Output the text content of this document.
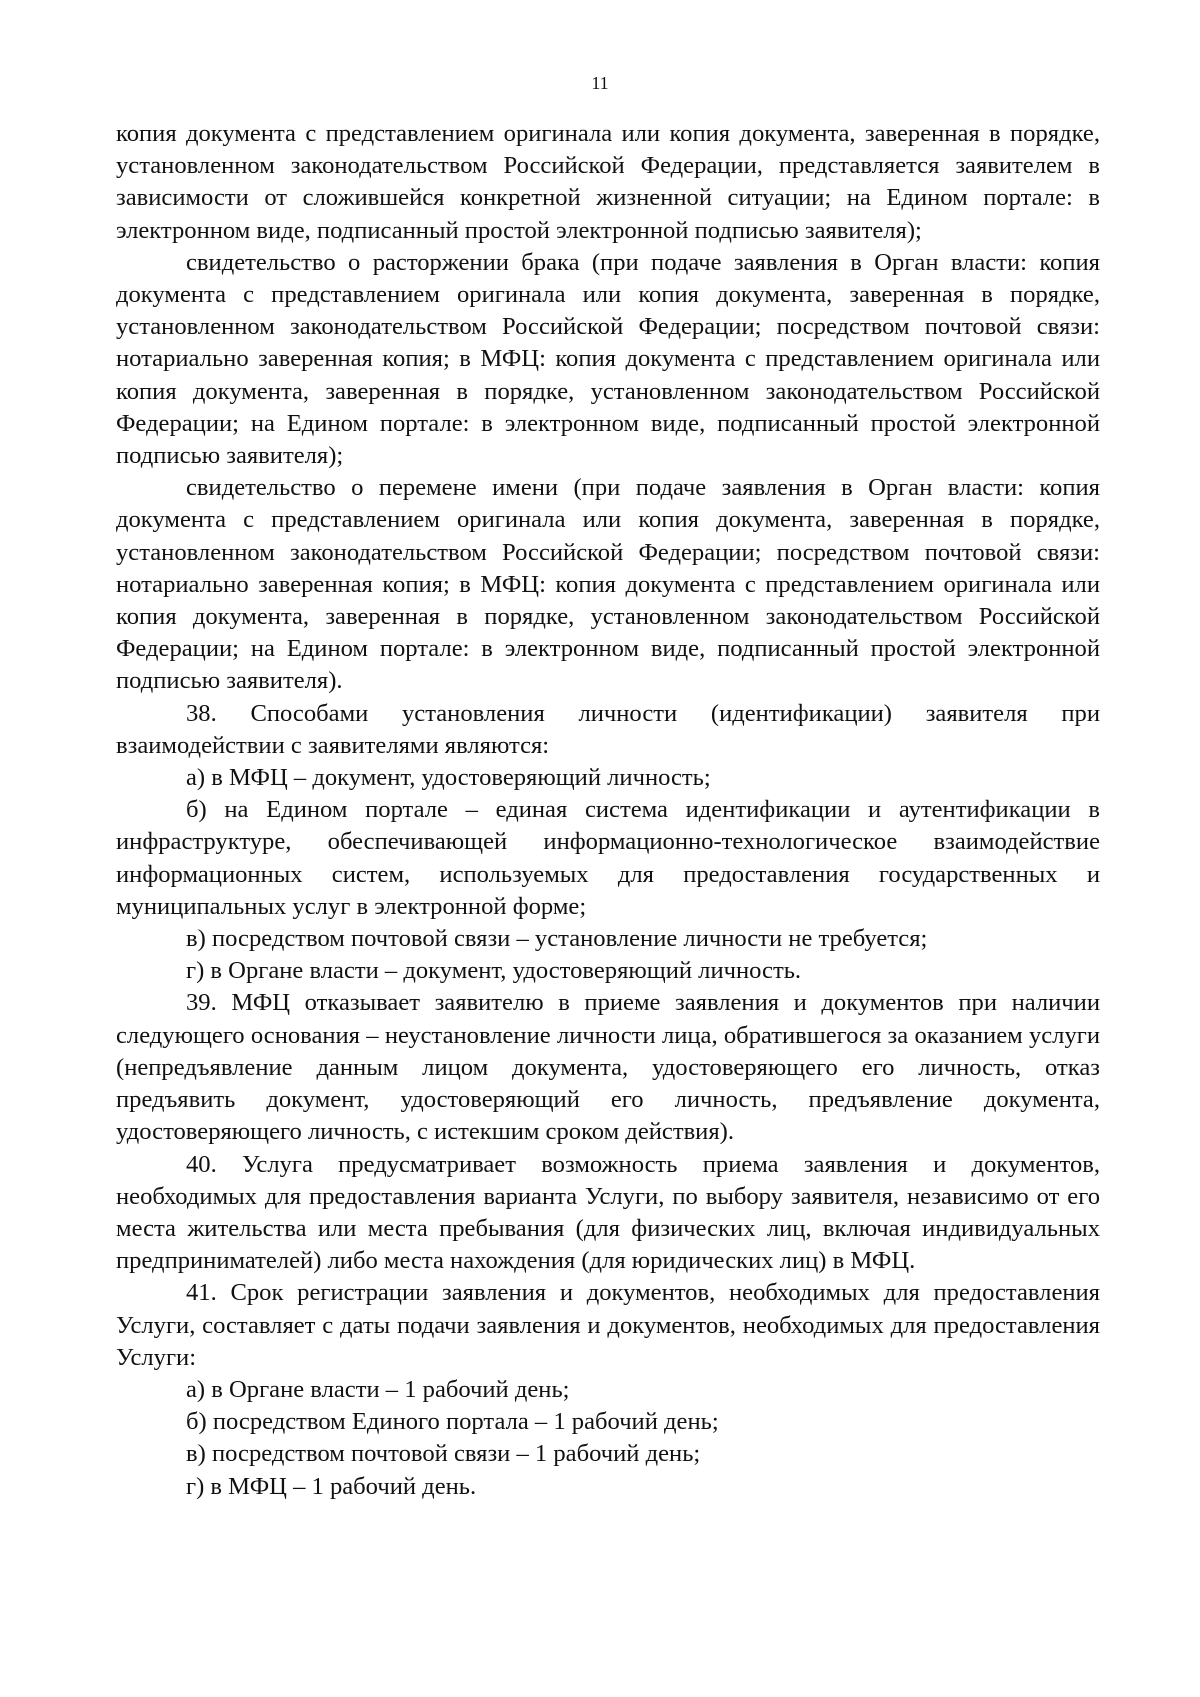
11

копия документа с представлением оригинала или копия документа, заверенная в порядке, установленном законодательством Российской Федерации, представляется заявителем в зависимости от сложившейся конкретной жизненной ситуации; на Едином портале: в электронном виде, подписанный простой электронной подписью заявителя);

свидетельство о расторжении брака (при подаче заявления в Орган власти: копия документа с представлением оригинала или копия документа, заверенная в порядке, установленном законодательством Российской Федерации; посредством почтовой связи: нотариально заверенная копия; в МФЦ: копия документа с представлением оригинала или копия документа, заверенная в порядке, установленном законодательством Российской Федерации; на Едином портале: в электронном виде, подписанный простой электронной подписью заявителя);

свидетельство о перемене имени (при подаче заявления в Орган власти: копия документа с представлением оригинала или копия документа, заверенная в порядке, установленном законодательством Российской Федерации; посредством почтовой связи: нотариально заверенная копия; в МФЦ: копия документа с представлением оригинала или копия документа, заверенная в порядке, установленном законодательством Российской Федерации; на Едином портале: в электронном виде, подписанный простой электронной подписью заявителя).

38. Способами установления личности (идентификации) заявителя при взаимодействии с заявителями являются:

а) в МФЦ – документ, удостоверяющий личность;

б) на Едином портале – единая система идентификации и аутентификации в инфраструктуре, обеспечивающей информационно-технологическое взаимодействие информационных систем, используемых для предоставления государственных и муниципальных услуг в электронной форме;

в) посредством почтовой связи – установление личности не требуется;

г) в Органе власти – документ, удостоверяющий личность.

39. МФЦ отказывает заявителю в приеме заявления и документов при наличии следующего основания – неустановление личности лица, обратившегося за оказанием услуги (непредъявление данным лицом документа, удостоверяющего его личность, отказ предъявить документ, удостоверяющий его личность, предъявление документа, удостоверяющего личность, с истекшим сроком действия).

40. Услуга предусматривает возможность приема заявления и документов, необходимых для предоставления варианта Услуги, по выбору заявителя, независимо от его места жительства или места пребывания (для физических лиц, включая индивидуальных предпринимателей) либо места нахождения (для юридических лиц) в МФЦ.

41. Срок регистрации заявления и документов, необходимых для предоставления Услуги, составляет с даты подачи заявления и документов, необходимых для предоставления Услуги:

а) в Органе власти – 1 рабочий день;

б) посредством Единого портала – 1 рабочий день;

в) посредством почтовой связи – 1 рабочий день;

г) в МФЦ – 1 рабочий день.
